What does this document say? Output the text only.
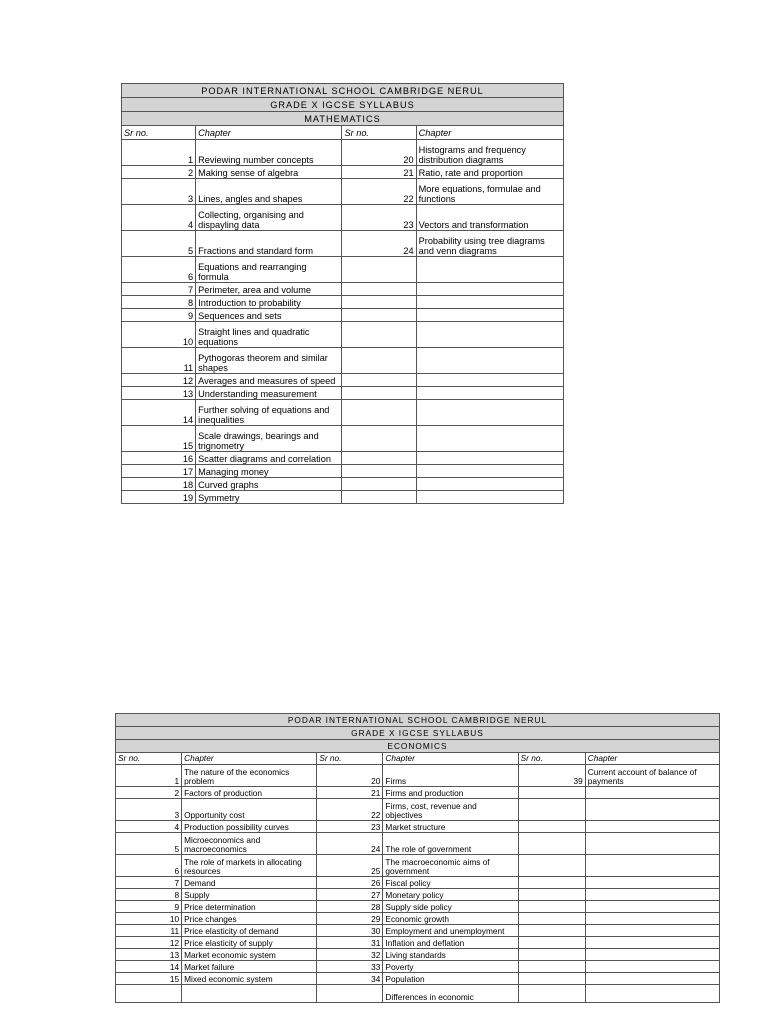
PODAR INTERNATIONAL SCHOOL CAMBRIDGE NERUL			
GRADE X IGCSE SYLLABUS			
MATHEMATICS			
Sr no.	Chapter	Sr no.	Chapter
1	Reviewing number concepts	20	Histograms and frequency distribution diagrams
2	Making sense of algebra	21	Ratio, rate and proportion
3	Lines, angles and shapes	22	More equations, formulae and functions
4	Collecting, organising and dispayling data	23	Vectors and transformation
5	Fractions and standard form	24	Probability using tree diagrams and venn diagrams
6	Equations and rearranging formula		
7	Perimeter, area and volume		
8	Introduction to probability		
9	Sequences and sets		
10	Straight lines and quadratic equations		
11	Pythogoras theorem and similar shapes		
12	Averages and measures of speed		
13	Understanding measurement		
14	Further solving of equations and inequalities		
15	Scale drawings, bearings and trignometry		
16	Scatter diagrams and correlation		
17	Managing money		
18	Curved graphs		
19	Symmetry		
PODAR INTERNATIONAL SCHOOL CAMBRIDGE NERUL					
GRADE X IGCSE SYLLABUS					
ECONOMICS					
Sr no.	Chapter	Sr no.	Chapter	Sr no.	Chapter
1	The nature of the economics problem	20	Firms	39	Current account of balance of payments
2	Factors of production	21	Firms and production		
3	Opportunity cost	22	Firms, cost, revenue and objectives		
4	Production possibility curves	23	Market structure		
5	Microeconomics and macroeconomics	24	The role of government		
6	The role of markets in allocating resources	25	The macroeconomic aims of government		
7	Demand	26	Fiscal policy		
8	Supply	27	Monetary policy		
9	Price determination	28	Supply side policy		
10	Price changes	29	Economic growth		
11	Price elasticity of demand	30	Employment and unemployment		
12	Price elasticity of supply	31	Inflation and deflation		
13	Market economic system	32	Living standards		
14	Market failure	33	Poverty		
15	Mixed economic system	34	Population		
			Differences in economic		
